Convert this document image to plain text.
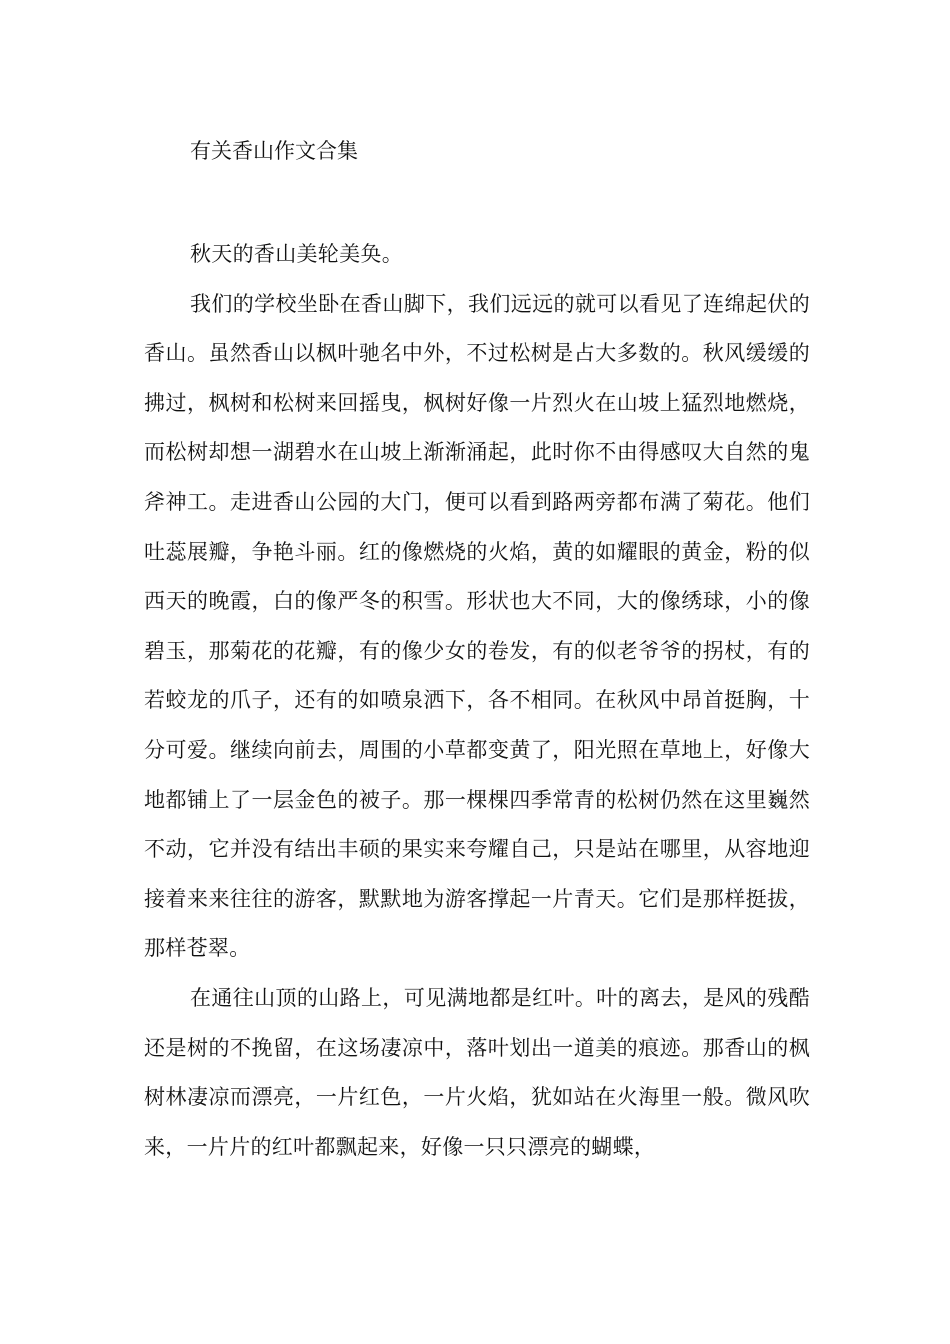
有关香山作文合集

秋天的香山美轮美奂。

我们的学校坐卧在香山脚下，我们远远的就可以看见了连绵起伏的香山。虽然香山以枫叶驰名中外，不过松树是占大多数的。秋风缓缓的拂过，枫树和松树来回摇曳，枫树好像一片烈火在山坡上猛烈地燃烧，而松树却想一湖碧水在山坡上渐渐涌起，此时你不由得感叹大自然的鬼斧神工。走进香山公园的大门，便可以看到路两旁都布满了菊花。他们吐蕊展瓣，争艳斗丽。红的像燃烧的火焰，黄的如耀眼的黄金，粉的似西天的晚霞，白的像严冬的积雪。形状也大不同，大的像绣球，小的像碧玉，那菊花的花瓣，有的像少女的卷发，有的似老爷爷的拐杖，有的若蛟龙的爪子，还有的如喷泉洒下，各不相同。在秋风中昂首挺胸，十分可爱。继续向前去，周围的小草都变黄了，阳光照在草地上，好像大地都铺上了一层金色的被子。那一棵棵四季常青的松树仍然在这里巍然不动，它并没有结出丰硕的果实来夸耀自己，只是站在哪里，从容地迎接着来来往往的游客，默默地为游客撑起一片青天。它们是那样挺拔，那样苍翠。

在通往山顶的山路上，可见满地都是红叶。叶的离去，是风的残酷还是树的不挽留，在这场凄凉中，落叶划出一道美的痕迹。那香山的枫树林凄凉而漂亮，一片红色，一片火焰，犹如站在火海里一般。微风吹来，一片片的红叶都飘起来，好像一只只漂亮的蝴蝶，
